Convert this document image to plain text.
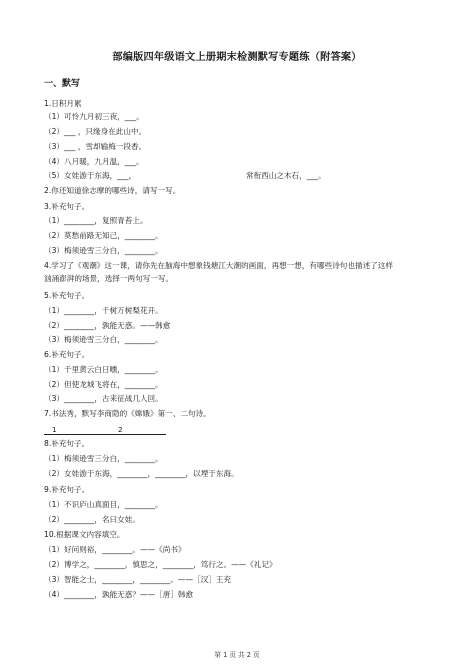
部编版四年级语文上册期末检测默写专题练（附答案）
一、默写
1.日积月累
（1）可怜九月初三夜，___。
（2）___ ，只缘身在此山中。
（3）___ ，雪却输梅一段香。
（4）八月暖，九月温，___。
（5）女娃游于东海，___，	常衔西山之木石，___。
2.你还知道徐志摩的哪些诗，请写一写。
3.补充句子。
（1）________，复照青苔上。
（2）莫愁前路无知己，________。
（3）梅须逊雪三分白，________。
4.学习了《观潮》这一课，请你先在脑海中想象钱塘江大潮的画面，再想一想，有哪些诗句也描述了这样
汹涌澎湃的场景，选择一两句写一写。
5.补充句子。
（1）________，千树万树梨花开。
（2）________，孰能无惑。——韩愈
（3）梅须逊雪三分白，________。
6.补充句子。
（1）千里黄云白日曛，________。
（2）但使龙城飞将在，________。
（3）________，古来征战几人回。
7.书法秀，默写李商隐的《嫦娥》第一、二句诗。
1	2
8.补充句子。
（1）梅须逊雪三分白，________。
（2）女娃游于东海，________，________，以堙于东海。
9.补充句子。
（1）不识庐山真面目，________。
（2）________，名曰女娃。
10.根据课文内容填空。
（1）好问则裕，________。——《尚书》
（2）博学之，________，慎思之，________，笃行之。——《礼记》
（3）智能之士，________，________。——［汉］王充
（4）________，孰能无惑？——［唐］韩愈
第 1 页 共 2 页
